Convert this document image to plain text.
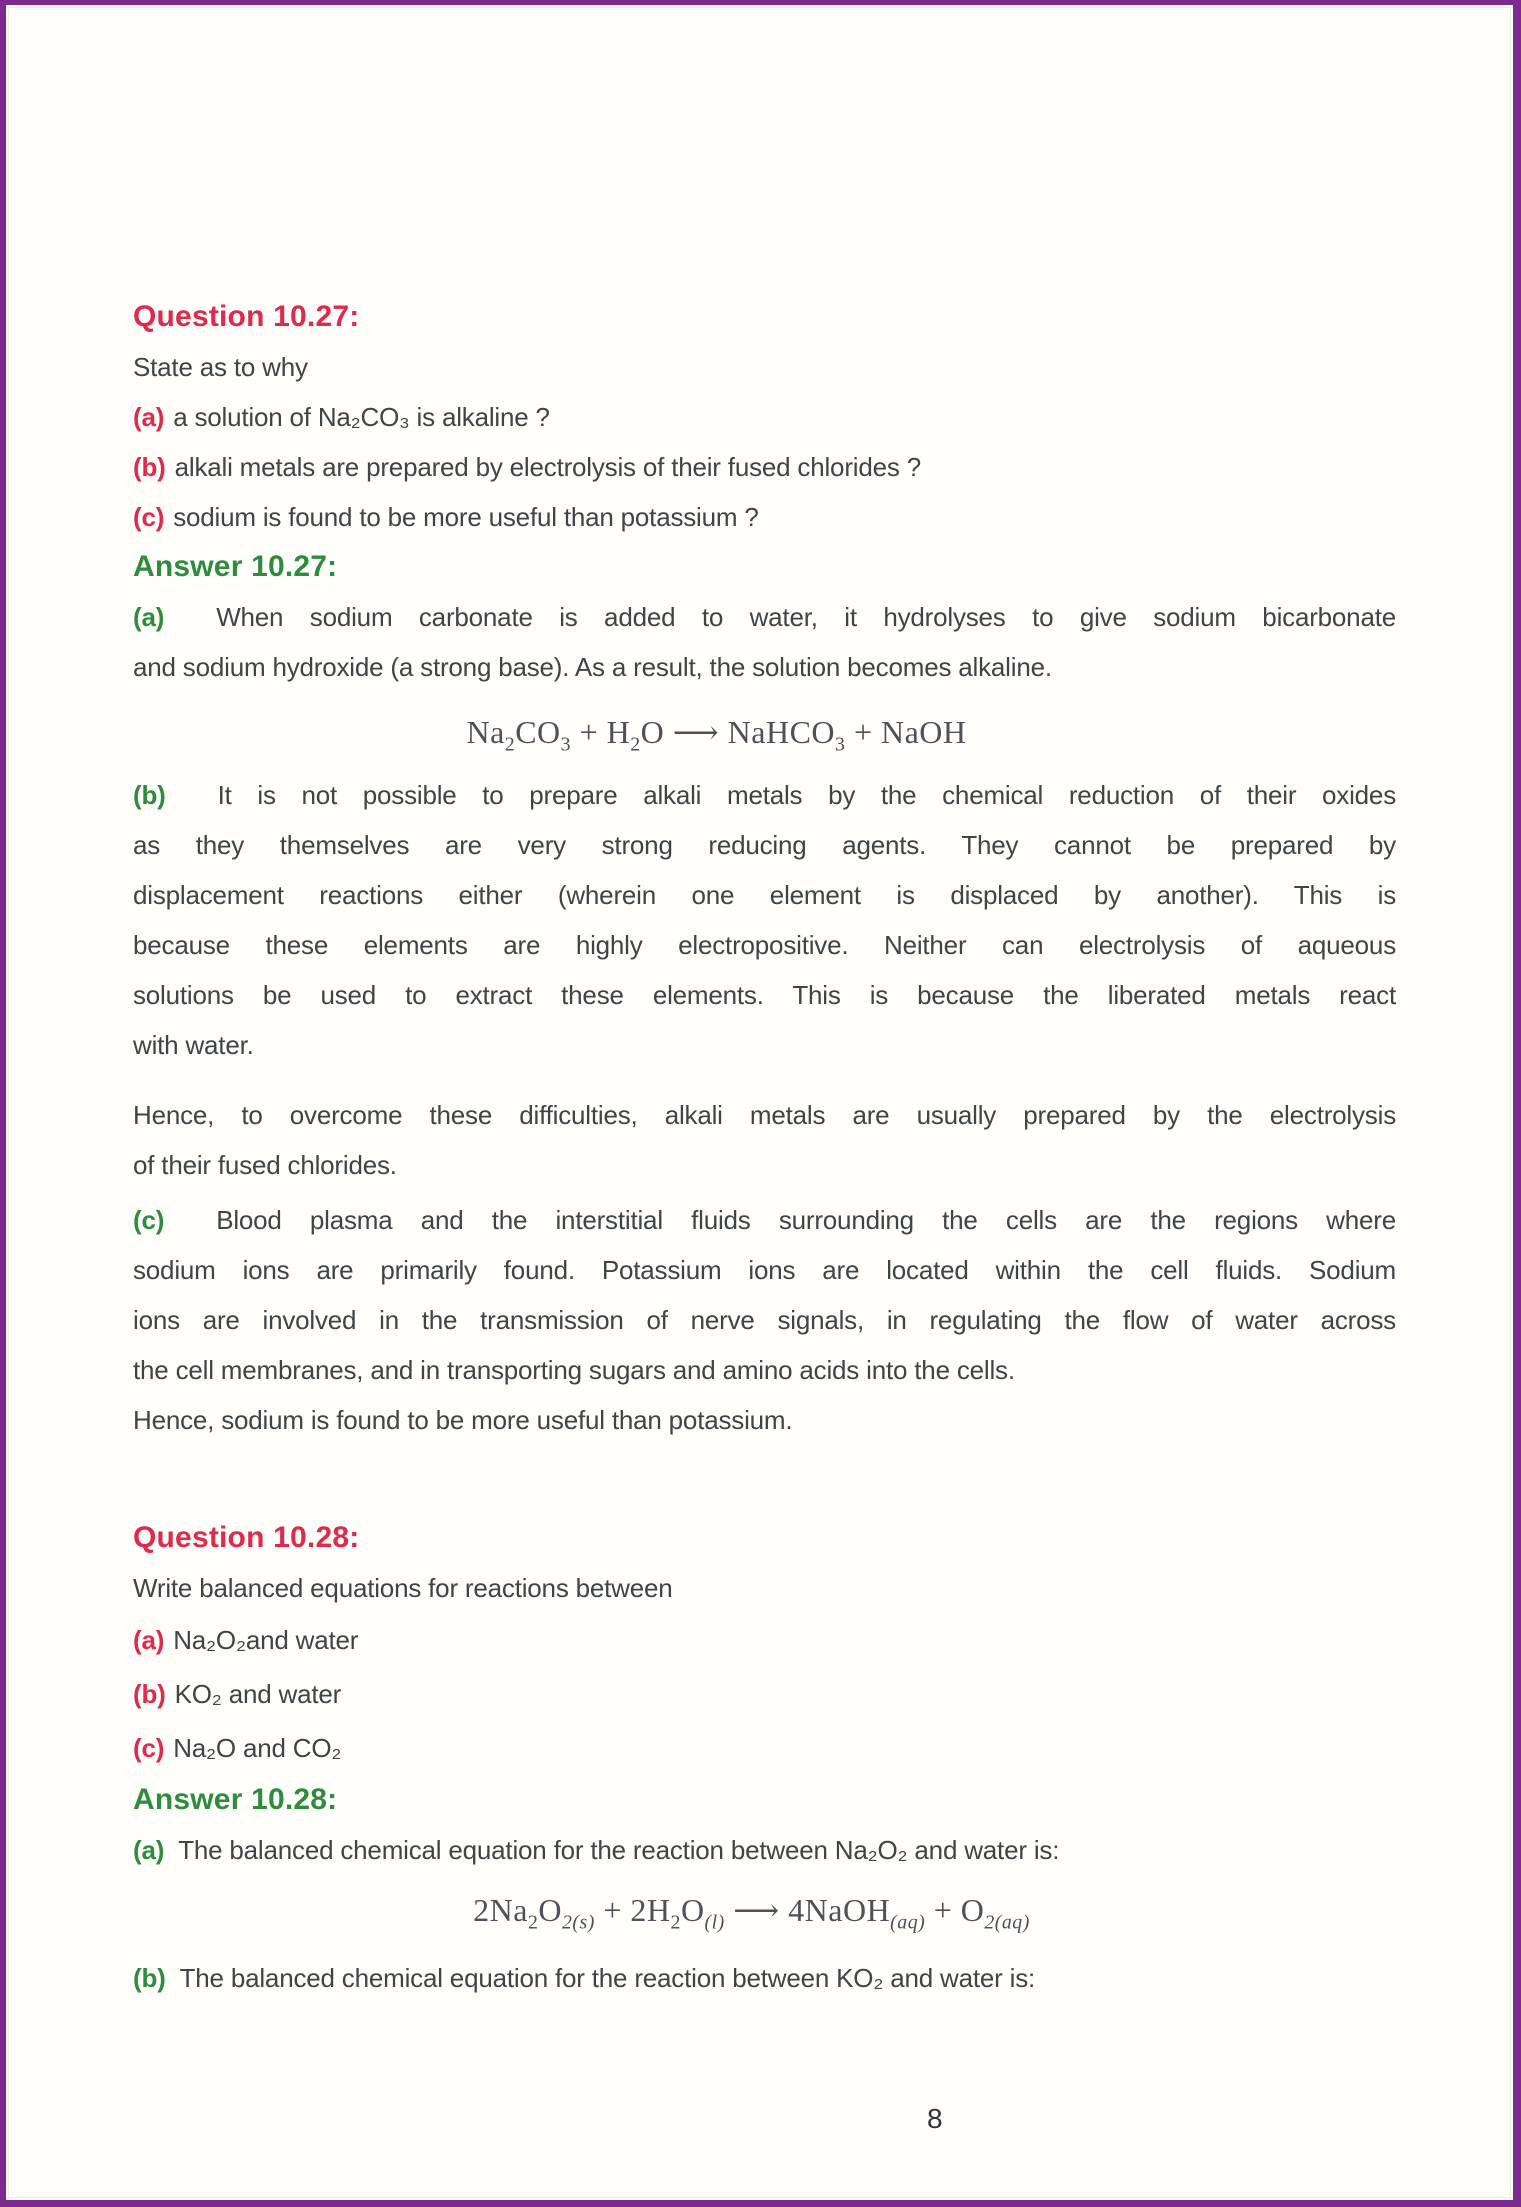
Question 10.27:
State as to why
(a) a solution of Na₂CO₃ is alkaline ?
(b) alkali metals are prepared by electrolysis of their fused chlorides ?
(c) sodium is found to be more useful than potassium ?
Answer 10.27:
(a) When sodium carbonate is added to water, it hydrolyses to give sodium bicarbonate
and sodium hydroxide (a strong base). As a result, the solution becomes alkaline.
$Na_2CO_3 + H_2O$ ⟶ NaHCO$_3$ + NaOH
(b) It is not possible to prepare alkali metals by the chemical reduction of their oxides
as they themselves are very strong reducing agents. They cannot be prepared by
displacement reactions either (wherein one element is displaced by another). This is
because these elements are highly electropositive. Neither can electrolysis of aqueous
solutions be used to extract these elements. This is because the liberated metals react
with water.
Hence, to overcome these difficulties, alkali metals are usually prepared by the electrolysis
of their fused chlorides.
(c) Blood plasma and the interstitial fluids surrounding the cells are the regions where
sodium ions are primarily found. Potassium ions are located within the cell fluids. Sodium
ions are involved in the transmission of nerve signals, in regulating the flow of water across
the cell membranes, and in transporting sugars and amino acids into the cells.
Hence, sodium is found to be more useful than potassium.
Question 10.28:
Write balanced equations for reactions between
(a) Na₂O₂and water
(b) KO₂ and water
(c) Na₂O and CO₂
Answer 10.28:
(a) The balanced chemical equation for the reaction between Na₂O₂ and water is:
$2Na_2O_{2(s)} + 2H_2O_{(l)}$ ⟶ 4NaOH$_{(aq)}$ + $O_{2(aq)}$
(b) The balanced chemical equation for the reaction between KO₂ and water is:
8
